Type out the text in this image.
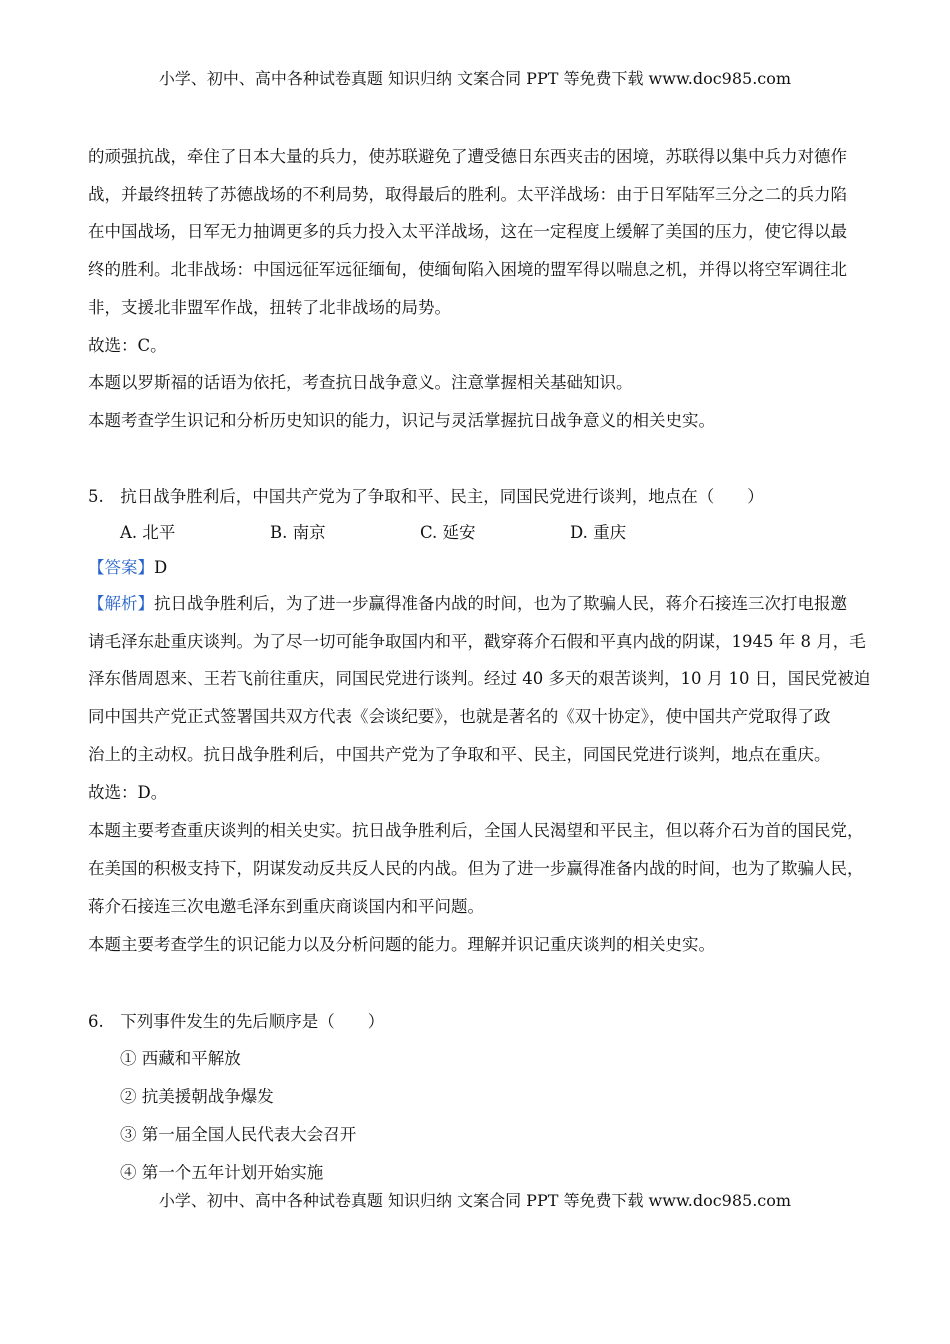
小学、初中、高中各种试卷真题 知识归纳 文案合同 PPT 等免费下载 www.doc985.com
的顽强抗战，牵住了日本大量的兵力，使苏联避免了遭受德日东西夹击的困境，苏联得以集中兵力对德作
战，并最终扭转了苏德战场的不利局势，取得最后的胜利。太平洋战场：由于日军陆军三分之二的兵力陷
在中国战场，日军无力抽调更多的兵力投入太平洋战场，这在一定程度上缓解了美国的压力，使它得以最
终的胜利。北非战场：中国远征军远征缅甸，使缅甸陷入困境的盟军得以喘息之机，并得以将空军调往北
非，支援北非盟军作战，扭转了北非战场的局势。
故选：C。
本题以罗斯福的话语为依托，考查抗日战争意义。注意掌握相关基础知识。
本题考查学生识记和分析历史知识的能力，识记与灵活掌握抗日战争意义的相关史实。
5.　抗日战争胜利后，中国共产党为了争取和平、民主，同国民党进行谈判，地点在（　　）
A. 北平	B. 南京	C. 延安	D. 重庆
【答案】D
【解析】抗日战争胜利后，为了进一步赢得准备内战的时间，也为了欺骗人民，蒋介石接连三次打电报邀
请毛泽东赴重庆谈判。为了尽一切可能争取国内和平，戳穿蒋介石假和平真内战的阴谋，1945 年 8 月，毛
泽东偕周恩来、王若飞前往重庆，同国民党进行谈判。经过 40 多天的艰苦谈判，10 月 10 日，国民党被迫
同中国共产党正式签署国共双方代表《会谈纪要》，也就是著名的《双十协定》，使中国共产党取得了政
治上的主动权。抗日战争胜利后，中国共产党为了争取和平、民主，同国民党进行谈判，地点在重庆。
故选：D。
本题主要考查重庆谈判的相关史实。抗日战争胜利后，全国人民渴望和平民主，但以蒋介石为首的国民党，
在美国的积极支持下，阴谋发动反共反人民的内战。但为了进一步赢得准备内战的时间，也为了欺骗人民，
蒋介石接连三次电邀毛泽东到重庆商谈国内和平问题。
本题主要考查学生的识记能力以及分析问题的能力。理解并识记重庆谈判的相关史实。
6.　下列事件发生的先后顺序是（　　）
① 西藏和平解放
② 抗美援朝战争爆发
③ 第一届全国人民代表大会召开
④ 第一个五年计划开始实施
小学、初中、高中各种试卷真题 知识归纳 文案合同 PPT 等免费下载 www.doc985.com
